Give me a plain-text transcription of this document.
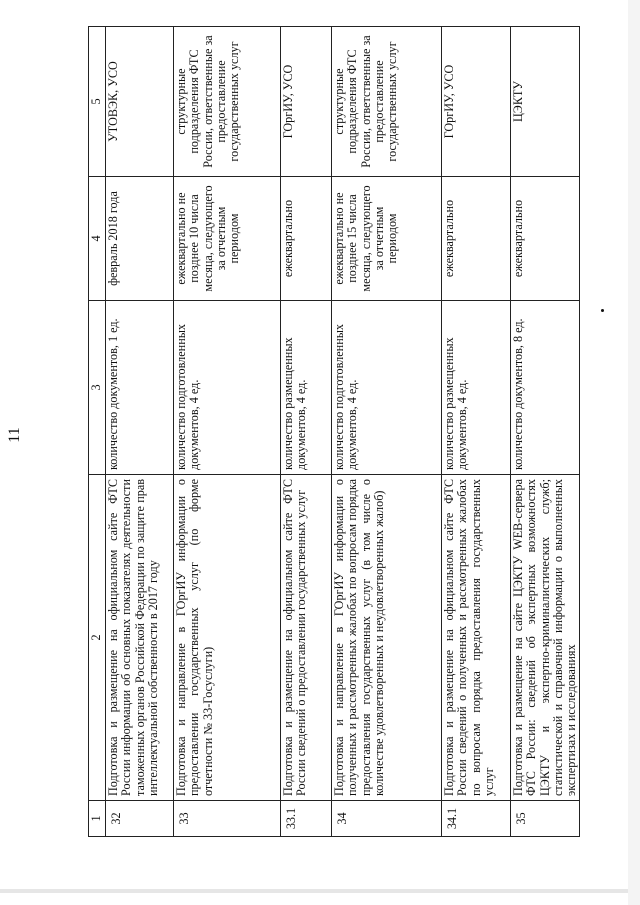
11
1	2	3	4	5
32	Подготовка и размещение на официальном сайте ФТС России информации об основных показателях деятельности таможенных органов Российской Федерации по защите прав интеллектуальной собственности в 2017 году	количество документов, 1 ед.	февраль 2018 года	УТОВЭК, УСО
33	Подготовка и направление в ГОргИУ информации о предоставлении государственных услуг (по форме отчетности № 33-Госуслуги)	количество подготовленных документов, 4 ед.	ежеквартально не позднее 10 числа месяца, следующего за отчетным периодом	структурные подразделения ФТС России, ответственные за предоставление государственных услуг
33.1	Подготовка и размещение на официальном сайте ФТС России сведений о предоставлении государственных услуг	количество размещенных документов, 4 ед.	ежеквартально	ГОргИУ, УСО
34	Подготовка и направление в ГОргИУ информации о полученных и рассмотренных жалобах по вопросам порядка предоставления государственных услуг (в том числе о количестве удовлетворенных и неудовлетворенных жалоб)	количество подготовленных документов, 4 ед.	ежеквартально не позднее 15 числа месяца, следующего за отчетным периодом	структурные подразделения ФТС России, ответственные за предоставление государственных услуг
34.1	Подготовка и размещение на официальном сайте ФТС России сведений о полученных и рассмотренных жалобах по вопросам порядка предоставления государственных услуг	количество размещенных документов, 4 ед.	ежеквартально	ГОргИУ, УСО
35	Подготовка и размещение на сайте ЦЭКТУ WEB-сервера ФТС России: сведений об экспертных возможностях ЦЭКТУ и экспертно-криминалистических служб; статистической и справочной информации о выполненных экспертизах и исследованиях	количество документов, 8 ед.	ежеквартально	ЦЭКТУ
